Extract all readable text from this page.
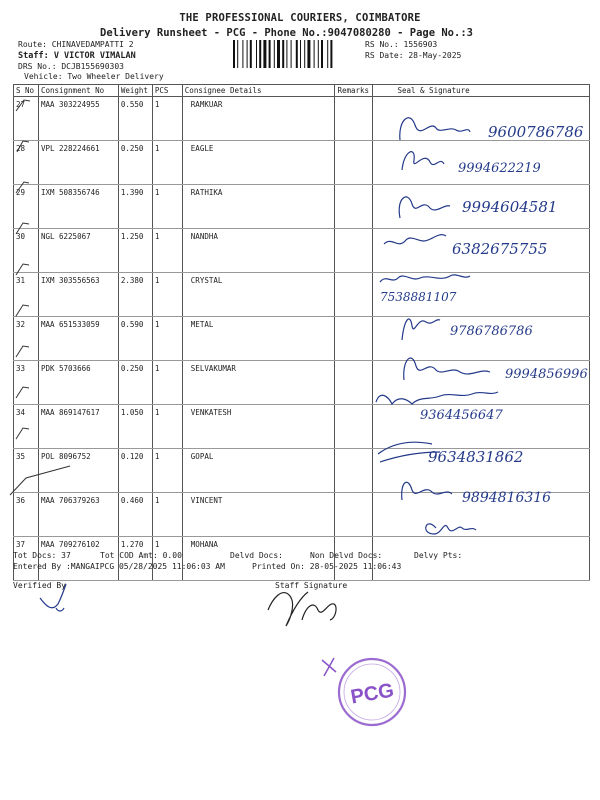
THE PROFESSIONAL COURIERS, COIMBATORE
Delivery Runsheet - PCG - Phone No.:9047080280 - Page No.:3
Route: CHINAVEDAMPATTI 2
Staff: V VICTOR VIMALAN
DRS No.: DCJB155690303
Vehicle: Two Wheeler Delivery
RS No.: 1556903
RS Date: 28-May-2025
S No	Consignment No	Weight	PCS	Consignee Details	Remarks	Seal & Signature
27	MAA 303224955	0.550	1	RAMKUAR		
28	VPL 228224661	0.250	1	EAGLE		
29	IXM 508356746	1.390	1	RATHIKA		
30	NGL 6225067	1.250	1	NANDHA		
31	IXM 303556563	2.380	1	CRYSTAL		
32	MAA 651533059	0.590	1	METAL		
33	PDK 5703666	0.250	1	SELVAKUMAR		
34	MAA 869147617	1.050	1	VENKATESH		
35	POL 8096752	0.120	1	GOPAL		
36	MAA 706379263	0.460	1	VINCENT		
37	MAA 709276102	1.270	1	MOHANA		
Tot Docs: 37	Tot COD Amt: 0.00	Delvd Docs:	Non Delvd Docs:	Delvy Pts:
Entered By :MANGAIPCG 05/28/2025 11:06:03 AM	Printed On: 28-05-2025 11:06:43
Verified By	Staff Signature
9600786786
9994622219
9994604581
6382675755
7538881107
9786786786
9994856996
9364456647
9634831862
9894816316
PCG
